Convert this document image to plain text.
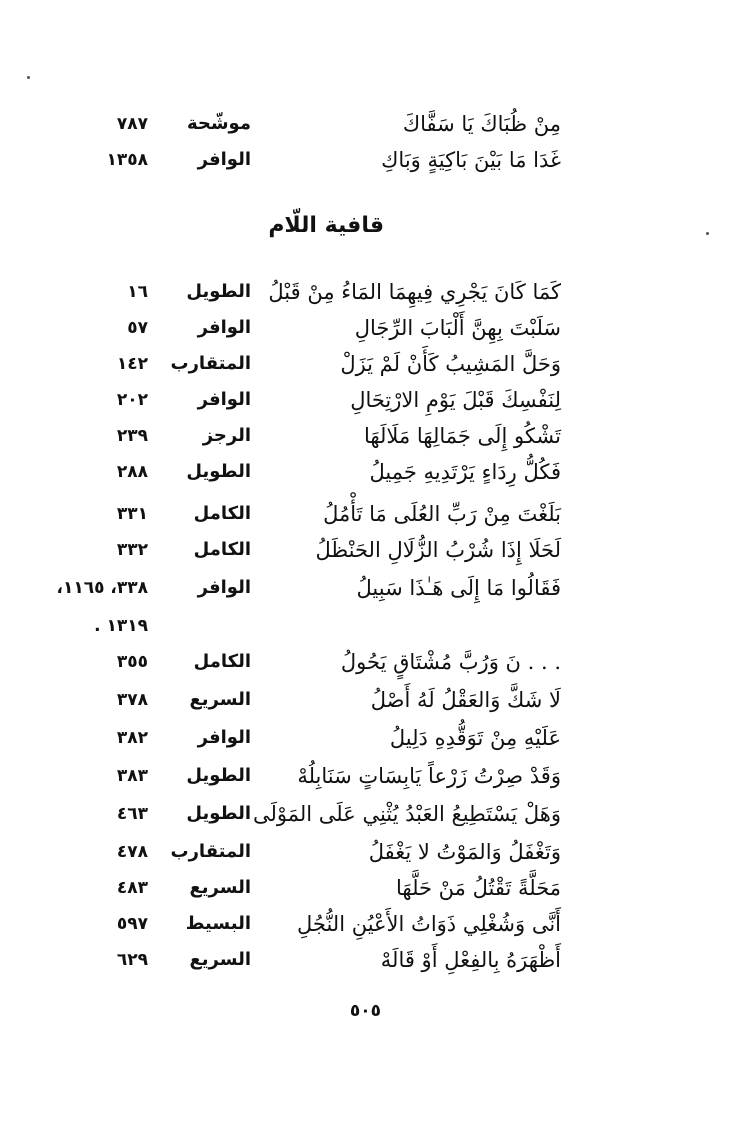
مِنْ ظُبَاكَ يَا سَفَّاكَ
موشّحة
٧٨٧
غَدَا مَا بَيْنَ بَاكِيَةٍ وَبَاكِ
الوافر
١٣٥٨
قافية اللّام
كَمَا كَانَ يَجْرِي فِيهِمَا المَاءُ مِنْ قَبْلُ
الطويل
١٦
سَلَبْتَ بِهِنَّ أَلْبَابَ الرِّجَالِ
الوافر
٥٧
وَحَلَّ المَشِيبُ كَأَنْ لَمْ يَزَلْ
المتقارب
١٤٢
لِنَفْسِكَ قَبْلَ يَوْمِ الارْتِحَالِ
الوافر
٢٠٢
تَشْكُو إِلَى جَمَالِهَا مَلَالَهَا
الرجز
٢٣٩
فَكُلُّ رِدَاءٍ يَرْتَدِيهِ جَمِيلُ
الطويل
٢٨٨
بَلَغْتَ مِنْ رَبِّ العُلَى مَا تَأْمُلُ
الكامل
٣٣١
لَحَلَا إِذَا شُرْبُ الزُّلَالِ الحَنْظَلُ
الكامل
٣٣٢
فَقَالُوا مَا إِلَى هَـٰذَا سَبِيلُ
الوافر
٣٣٨، ١١٦٥،
١٣١٩ .
. . . نَ وَرُبَّ مُشْتَاقٍ يَحُولُ
الكامل
٣٥٥
لَا شَكَّ وَالعَقْلُ لَهُ أَصْلُ
السريع
٣٧٨
عَلَيْهِ مِنْ تَوَقُّدِهِ دَلِيلُ
الوافر
٣٨٢
وَقَدْ صِرْتُ زَرْعاً يَابِسَاتٍ سَنَابِلُهْ
الطويل
٣٨٣
وَهَلْ يَسْتَطِيعُ العَبْدُ يُثْنِي عَلَى المَوْلَى
الطويل
٤٦٣
وَتَغْفَلُ وَالمَوْتُ لا يَغْفَلُ
المتقارب
٤٧٨
مَحَلَّةً تَقْتُلُ مَنْ حَلَّهَا
السريع
٤٨٣
أَنَّى وَشُغْلِي ذَوَاتُ الأَعْيُنِ النُّجُلِ
البسيط
٥٩٧
أَظْهَرَهُ بِالفِعْلِ أَوْ قَالَهْ
السريع
٦٢٩
٥٠٥
